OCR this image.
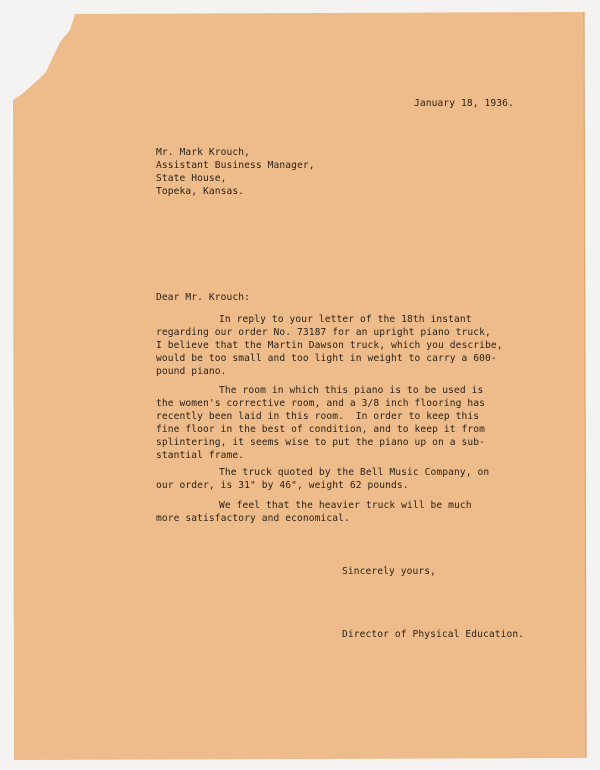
January 18, 1936.
Mr. Mark Krouch,
Assistant Business Manager,
State House,
Topeka, Kansas.
Dear Mr. Krouch:
In reply to your letter of the 18th instant
regarding our order No. 73187 for an upright piano truck,
I believe that the Martin Dawson truck, which you describe,
would be too small and too light in weight to carry a 600-
pound piano.
The room in which this piano is to be used is
the women's corrective room, and a 3/8 inch flooring has
recently been laid in this room.  In order to keep this
fine floor in the best of condition, and to keep it from
splintering, it seems wise to put the piano up on a sub-
stantial frame.
The truck quoted by the Bell Music Company, on
our order, is 31" by 46", weight 62 pounds.
We feel that the heavier truck will be much
more satisfactory and economical.
Sincerely yours,
Director of Physical Education.
